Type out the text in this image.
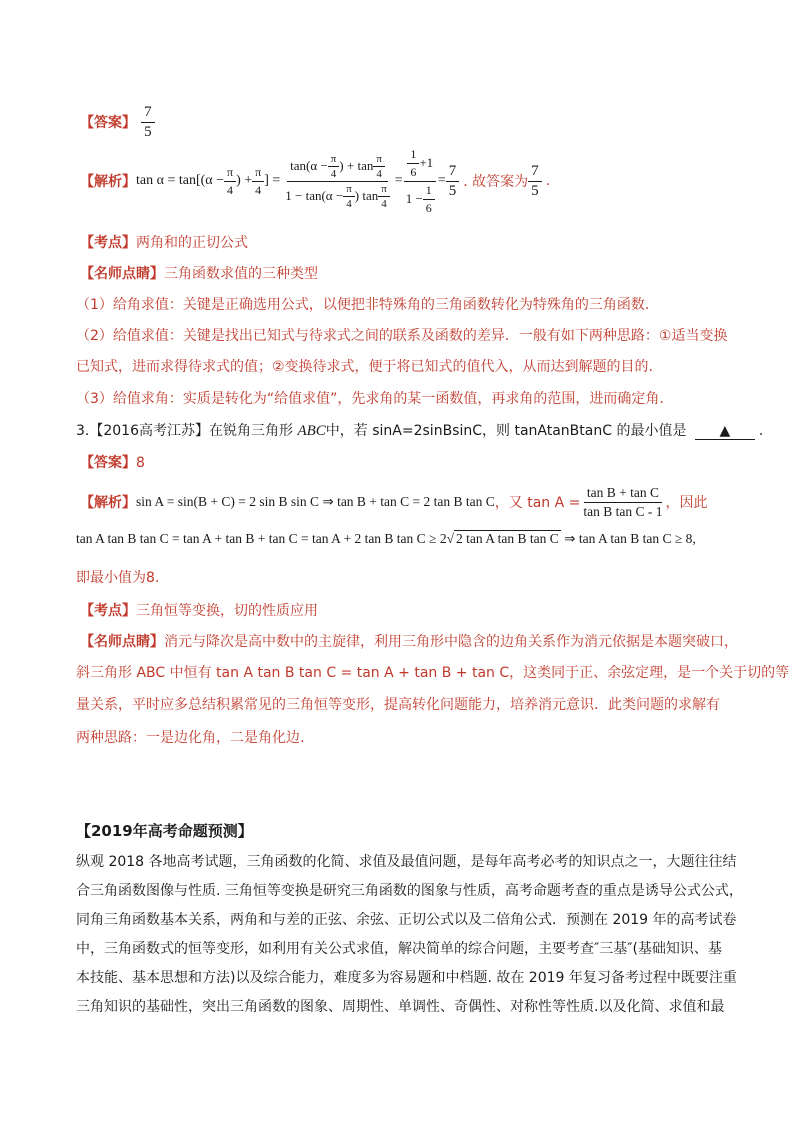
【答案】 $\frac{7}{5}$
【解析】 $\tan \alpha = \tan[(\alpha - \frac{\pi}{4}$ ) + $\frac{\pi}{4}$ ] = $\frac{\tan(\alpha - \frac{\pi}{4} ) + \tan \frac{\pi}{4}}{1 - \tan(\alpha - \frac{\pi}{4} ) \tan \frac{\pi}{4}} = \frac{\frac{1}{6} +1}{1 - \frac{1}{6}} = \frac{7}{5}$ . 故答案为 $\frac{7}{5}$ .
【考点】两角和的正切公式
【名师点睛】三角函数求值的三种类型
（1）给角求值：关键是正确选用公式，以便把非特殊角的三角函数转化为特殊角的三角函数.
（2）给值求值：关键是找出已知式与待求式之间的联系及函数的差异．一般有如下两种思路：①适当变换
已知式，进而求得待求式的值；②变换待求式，便于将已知式的值代入，从而达到解题的目的.
（3）给值求角：实质是转化为“给值求值”，先求角的某一函数值，再求角的范围，进而确定角.
3.【2016高考江苏】在锐角三角形 ABC中，若 sinA=2sinBsinC，则 tanAtanBtanC 的最小值是 ▲ .
【答案】8
【解析】 sin A = sin(B + C) = 2 sin B sin C ⇒ tan B + tan C = 2 tan B tan C ，又 $\tan A = \frac{\text{tan B + tan C}}{\text{tan B tan C - 1}}$ ，因此
tan A tan B tan C = tan A + tan B + tan C = tan A + 2 tan B tan C ≥ 2√ 2 tan A tan B tan C ⇒ tan A tan B tan C ≥ 8,
即最小值为8.
【考点】三角恒等变换，切的性质应用
【名师点睛】消元与降次是高中数中的主旋律，利用三角形中隐含的边角关系作为消元依据是本题突破口，
斜三角形 ABC 中恒有 tan A tan B tan C = tan A + tan B + tan C，这类同于正、余弦定理，是一个关于切的等
量关系，平时应多总结积累常见的三角恒等变形，提高转化问题能力，培养消元意识．此类问题的求解有
两种思路：一是边化角，二是角化边.
【2019年高考命题预测】
纵观 2018 各地高考试题，三角函数的化简、求值及最值问题，是每年高考必考的知识点之一，大题往往结
合三角函数图像与性质. 三角恒等变换是研究三角函数的图象与性质，高考命题考查的重点是诱导公式公式，
同角三角函数基本关系，两角和与差的正弦、余弦、正切公式以及二倍角公式．预测在 2019 年的高考试卷
中，三角函数式的恒等变形，如利用有关公式求值，解决简单的综合问题，主要考查″三基″(基础知识、基
本技能、基本思想和方法)以及综合能力，难度多为容易题和中档题. 故在 2019 年复习备考过程中既要注重
三角知识的基础性，突出三角函数的图象、周期性、单调性、奇偶性、对称性等性质.以及化简、求值和最
